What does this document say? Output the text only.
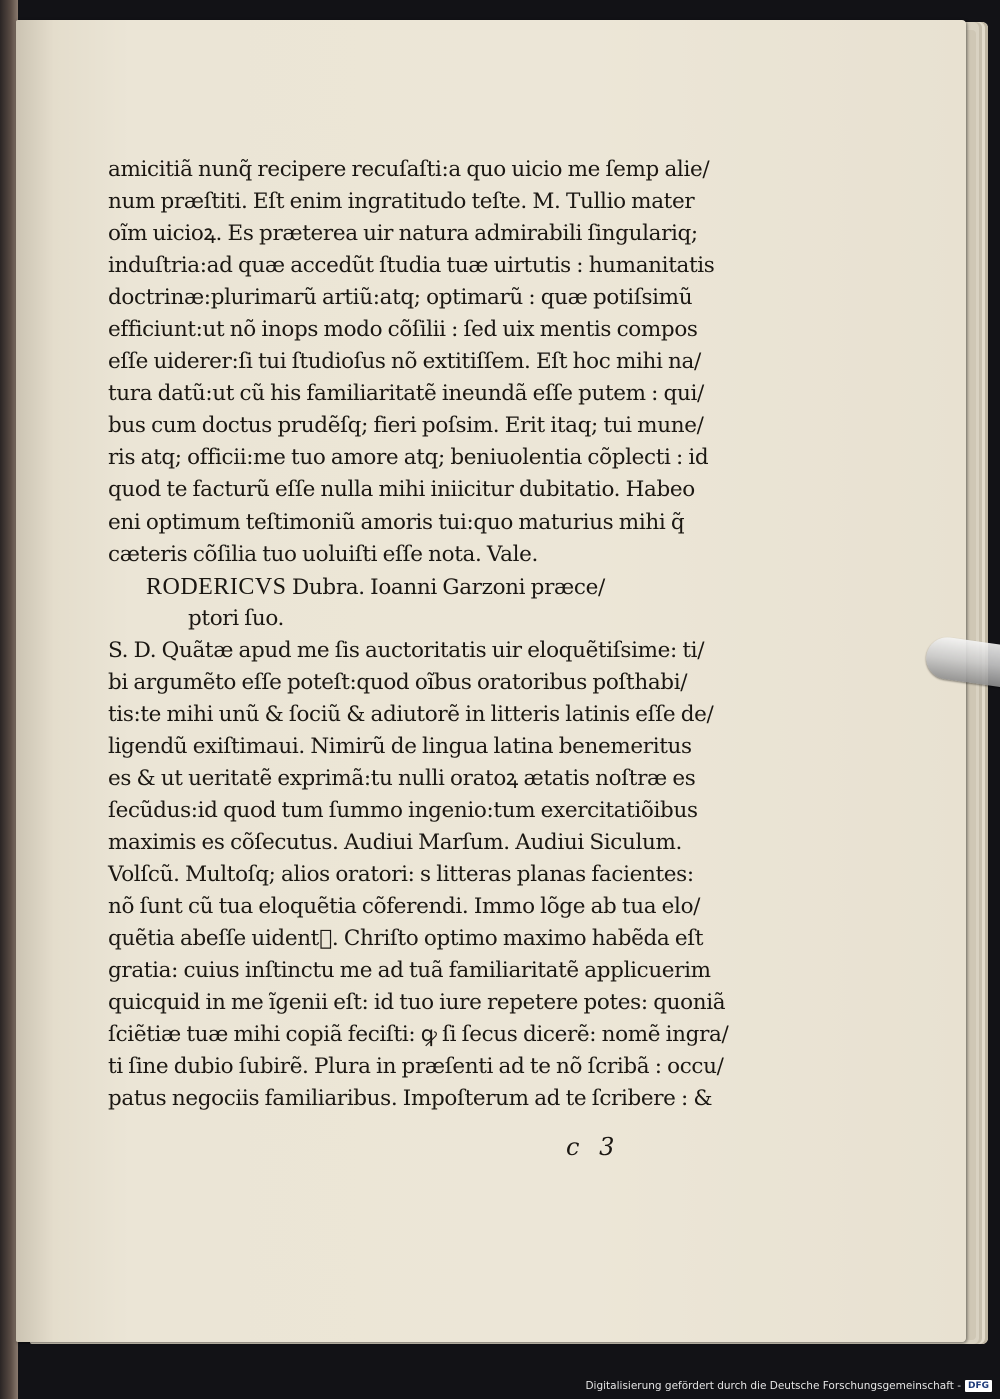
amicitiã nunq̃ recipere recuſaſti:a quo uicio me ſemp alie/
num præſtiti. Eſt enim ingratitudo teſte. M. Tullio mater
oĩm uicioꝝ. Es præterea uir natura admirabili ſingulariq;
induſtria:ad quæ accedũt ſtudia tuæ uirtutis : humanitatis
doctrinæ:plurimarũ artiũ:atq; optimarũ : quæ potiſsimũ
efficiunt:ut nõ inops modo cõſilii : ſed uix mentis compos
eſſe uiderer:ſi tui ſtudioſus nõ extitiſſem. Eſt hoc mihi na/
tura datũ:ut cũ his familiaritatẽ ineundã eſſe putem : qui/
bus cum doctus prudẽſq; fieri poſsim. Erit itaq; tui mune/
ris atq; officii:me tuo amore atq; beniuolentia cõplecti : id
quod te facturũ eſſe nulla mihi iniicitur dubitatio. Habeo
eni optimum teſtimoniũ amoris tui:quo maturius mihi q̃
cæteris cõſilia tuo uoluiſti eſſe nota. Vale.
RODERICVS Dubra. Ioanni Garzoni præce/
ptori ſuo.
S. D. Quãtæ apud me ſis auctoritatis uir eloquẽtiſsime: ti/
bi argumẽto eſſe poteſt:quod oĩbus oratoribus poſthabi/
tis:te mihi unũ & ſociũ & adiutorẽ in litteris latinis eſſe de/
ligendũ exiſtimaui. Nimirũ de lingua latina benemeritus
es & ut ueritatẽ exprimã:tu nulli oratoꝝ ætatis noſtræ es
ſecũdus:id quod tum ſummo ingenio:tum exercitatiõibus
maximis es cõſecutus. Audiui Marſum. Audiui Siculum.
Volſcũ. Multoſq; alios oratori: s litteras planas facientes:
nõ ſunt cũ tua eloquẽtia cõferendi. Immo lõge ab tua elo/
quẽtia abeſſe uidentᷓ. Chriſto optimo maximo habẽda eſt
gratia: cuius inſtinctu me ad tuã familiaritatẽ applicuerim
quicquid in me ĩgenii eſt: id tuo iure repetere potes: quoniã
ſciẽtiæ tuæ mihi copiã feciſti: ꝙ ſi ſecus dicerẽ: nomẽ ingra/
ti ſine dubio ſubirẽ. Plura in præſenti ad te nõ ſcribã : occu/
patus negociis familiaribus. Impoſterum ad te ſcribere : &
c 3
Digitalisierung gefördert durch die Deutsche Forschungsgemeinschaft - DFG
